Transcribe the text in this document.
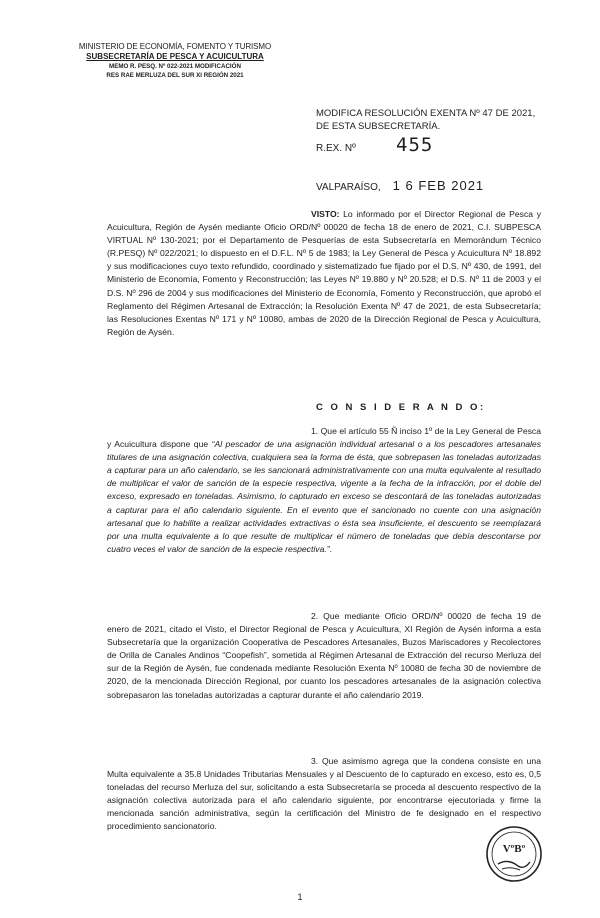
MINISTERIO DE ECONOMÍA, FOMENTO Y TURISMO
SUBSECRETARÍA DE PESCA Y ACUICULTURA
MEMO R. PESQ. Nº 022-2021 MODIFICACIÓN
RES RAE MERLUZA DEL SUR XI REGIÓN 2021
MODIFICA RESOLUCIÓN EXENTA Nº 47 DE 2021, DE ESTA SUBSECRETARÍA.
R.EX. Nº 455
VALPARAÍSO, 1 6 FEB 2021
VISTO: Lo informado por el Director Regional de Pesca y Acuicultura, Región de Aysén mediante Oficio ORD/Nº 00020 de fecha 18 de enero de 2021, C.I. SUBPESCA VIRTUAL Nº 130-2021; por el Departamento de Pesquerías de esta Subsecretaría en Memorándum Técnico (R.PESQ) Nº 022/2021; lo dispuesto en el D.F.L. Nº 5 de 1983; la Ley General de Pesca y Acuicultura Nº 18.892 y sus modificaciones cuyo texto refundido, coordinado y sistematizado fue fijado por el D.S. Nº 430, de 1991, del Ministerio de Economía, Fomento y Reconstrucción; las Leyes Nº 19.880 y Nº 20.528; el D.S. Nº 11 de 2003 y el D.S. Nº 296 de 2004 y sus modificaciones del Ministerio de Economía, Fomento y Reconstrucción, que aprobó el Reglamento del Régimen Artesanal de Extracción; la Resolución Exenta Nº 47 de 2021, de esta Subsecretaría; las Resoluciones Exentas Nº 171 y Nº 10080, ambas de 2020 de la Dirección Regional de Pesca y Acuicultura, Región de Aysén.
C O N S I D E R A N D O:
1. Que el artículo 55 Ñ inciso 1º de la Ley General de Pesca y Acuicultura dispone que “Al pescador de una asignación individual artesanal o a los pescadores artesanales titulares de una asignación colectiva, cualquiera sea la forma de ésta, que sobrepasen las toneladas autorizadas a capturar para un año calendario, se les sancionará administrativamente con una multa equivalente al resultado de multiplicar el valor de sanción de la especie respectiva, vigente a la fecha de la infracción, por el doble del exceso, expresado en toneladas. Asimismo, lo capturado en exceso se descontará de las toneladas autorizadas a capturar para el año calendario siguiente. En el evento que el sancionado no cuente con una asignación artesanal que lo habilite a realizar actividades extractivas o ésta sea insuficiente, el descuento se reemplazará por una multa equivalente a lo que resulte de multiplicar el número de toneladas que debía descontarse por cuatro veces el valor de sanción de la especie respectiva.”.
2. Que mediante Oficio ORD/Nº 00020 de fecha 19 de enero de 2021, citado el Visto, el Director Regional de Pesca y Acuicultura, XI Región de Aysén informa a esta Subsecretaría que la organización Cooperativa de Pescadores Artesanales, Buzos Mariscadores y Recolectores de Orilla de Canales Andinos “Coopefish”, sometida al Régimen Artesanal de Extracción del recurso Merluza del sur de la Región de Aysén, fue condenada mediante Resolución Exenta Nº 10080 de fecha 30 de noviembre de 2020, de la mencionada Dirección Regional, por cuanto los pescadores artesanales de la asignación colectiva sobrepasaron las toneladas autorizadas a capturar durante el año calendario 2019.
3. Que asimismo agrega que la condena consiste en una Multa equivalente a 35.8 Unidades Tributarias Mensuales y al Descuento de lo capturado en exceso, esto es, 0,5 toneladas del recurso Merluza del sur, solicitando a esta Subsecretaría se proceda al descuento respectivo de la asignación colectiva autorizada para el año calendario siguiente, por encontrarse ejecutoriada y firme la mencionada sanción administrativa, según la certificación del Ministro de fe designado en el respectivo procedimiento sancionatorio.
VºBº
1
